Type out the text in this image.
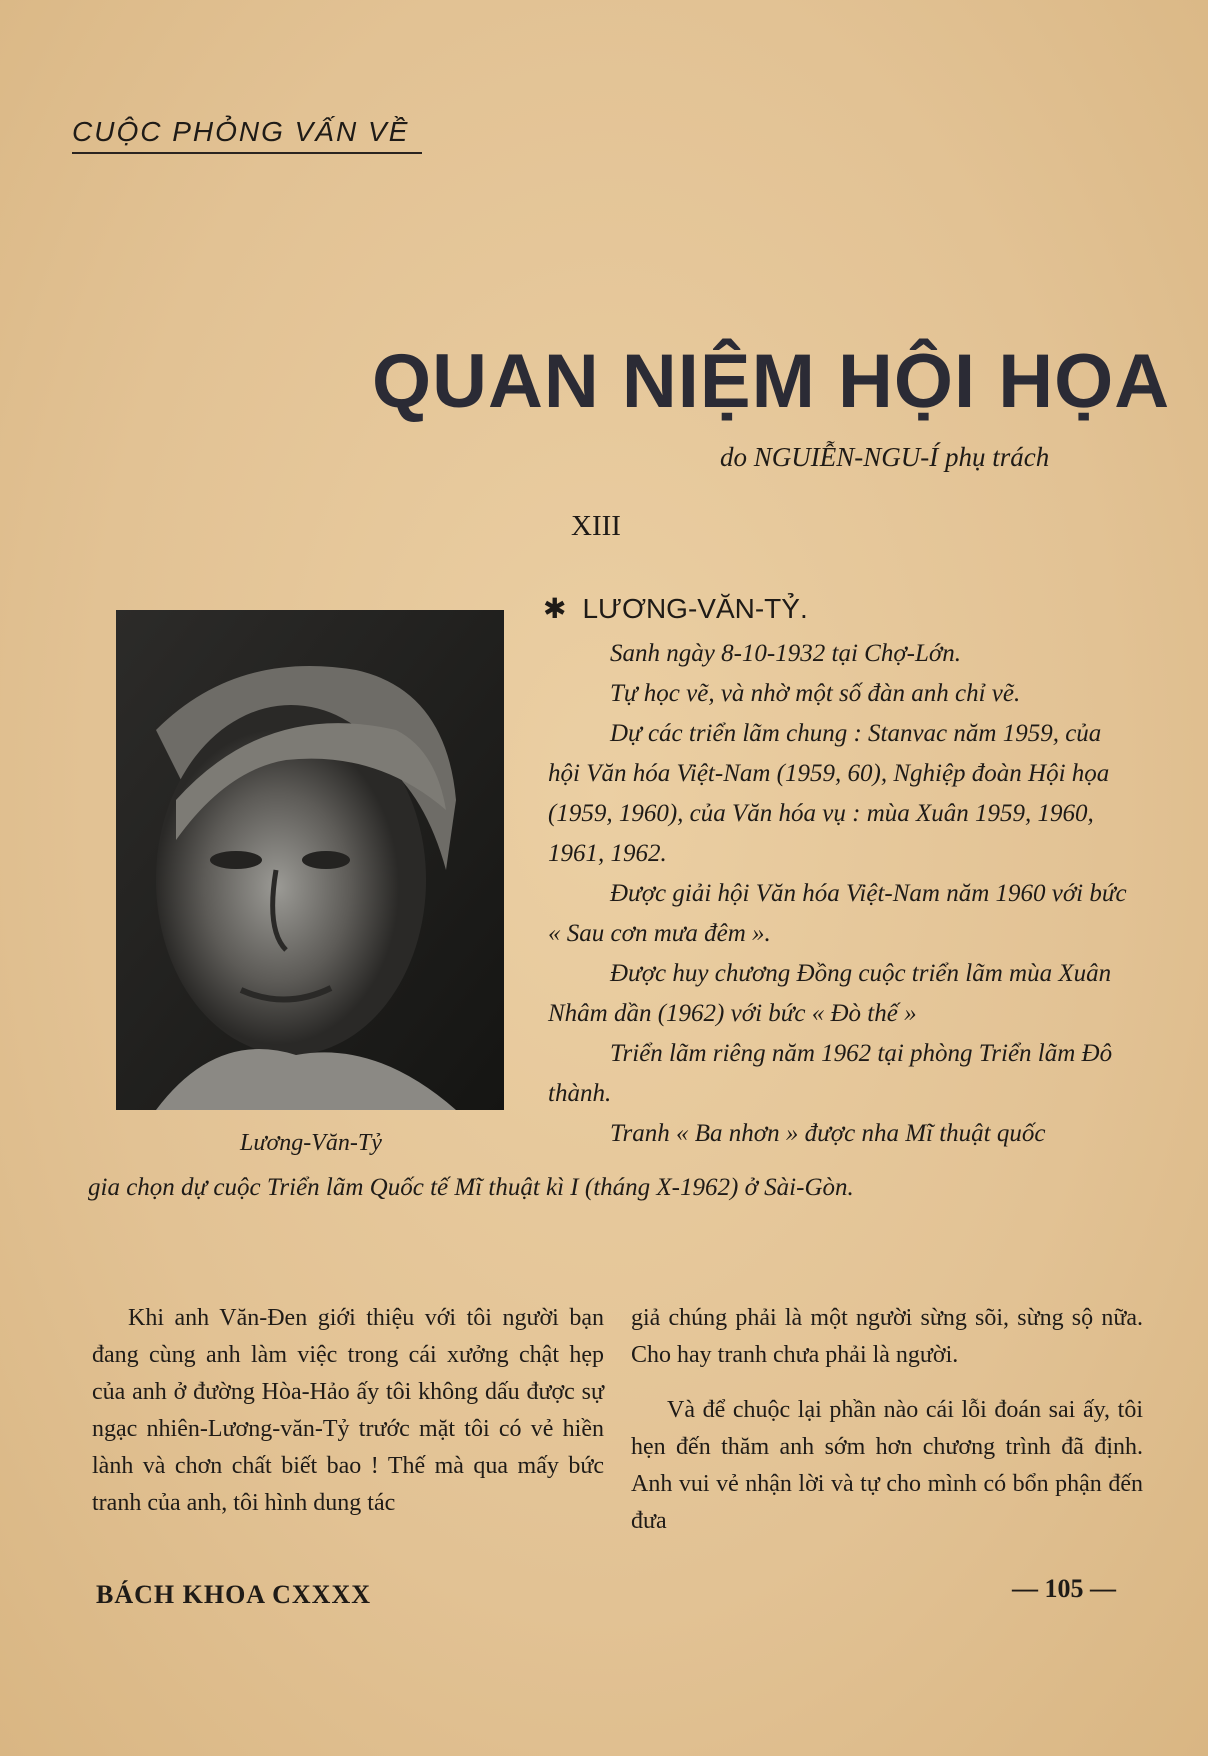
CUỘC PHỎNG VẤN VỀ
QUAN NIỆM HỘI HỌA
do NGUIỄN-NGU-Í phụ trách
XIII
✱ LƯƠNG-VĂN-TỶ.
Lương-Văn-Tỷ

Sanh ngày 8-10-1932 tại Chợ-Lớn.

Tự học vẽ, và nhờ một số đàn anh chỉ vẽ.

Dự các triển lãm chung : Stanvac năm 1959, của hội Văn hóa Việt-Nam (1959, 60), Nghiệp đoàn Hội họa (1959, 1960), của Văn hóa vụ : mùa Xuân 1959, 1960, 1961, 1962.

Được giải hội Văn hóa Việt-Nam năm 1960 với bức « Sau cơn mưa đêm ».

Được huy chương Đồng cuộc triển lãm mùa Xuân Nhâm dần (1962) với bức « Đò thế »

Triển lãm riêng năm 1962 tại phòng Triển lãm Đô thành.

Tranh « Ba nhơn » được nha Mĩ thuật quốc

gia chọn dự cuộc Triển lãm Quốc tế Mĩ thuật kì I (tháng X-1962) ở Sài-Gòn.

Khi anh Văn-Đen giới thiệu với tôi người bạn đang cùng anh làm việc trong cái xưởng chật hẹp của anh ở đường Hòa-Hảo ấy tôi không dấu được sự ngạc nhiên-Lương-văn-Tỷ trước mặt tôi có vẻ hiền lành và chơn chất biết bao ! Thế mà qua mấy bức tranh của anh, tôi hình dung tác

giả chúng phải là một người sừng sõi, sừng sộ nữa. Cho hay tranh chưa phải là người.

Và để chuộc lại phần nào cái lỗi đoán sai ấy, tôi hẹn đến thăm anh sớm hơn chương trình đã định. Anh vui vẻ nhận lời và tự cho mình có bổn phận đến đưa

BÁCH KHOA CXXXX	— 105 —
